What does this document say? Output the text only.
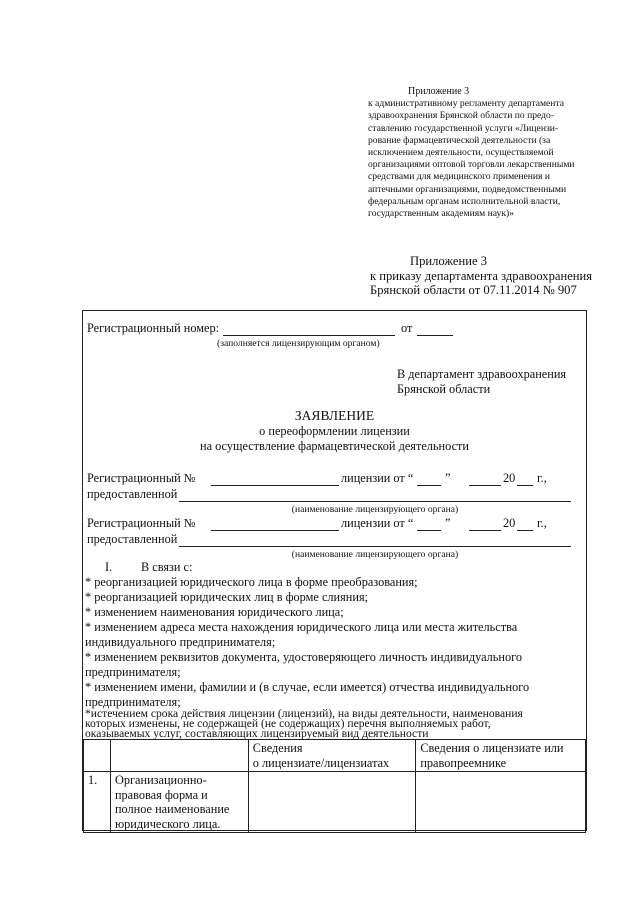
Приложение 3
к административному регламенту департамента
здравоохранения Брянской области по предо-
ставлению государственной услуги «Лицензи-
рование фармацевтической деятельности (за
исключением деятельности, осуществляемой
организациями оптовой торговли лекарственными
средствами для медицинского применения и
аптечными организациями, подведомственными
федеральным органам исполнительной власти,
государственным академиям наук)»
Приложение 3
к приказу департамента здравоохранения
Брянской области от 07.11.2014 № 907
Регистрационный номер:	от
(заполняется лицензирующим органом)
В департамент здравоохранения
Брянской области
ЗАЯВЛЕНИЕ
о переоформлении лицензии
на осуществление фармацевтической деятельности
Регистрационный №	лицензии от “	”	20 г.,
предоставленной
(наименование лицензирующего органа)
Регистрационный №	лицензии от “	”	20 г.,
предоставленной
(наименование лицензирующего органа)
I. В связи с:
* реорганизацией юридического лица в форме преобразования;
* реорганизацией юридических лиц в форме слияния;
* изменением наименования юридического лица;
* изменением адреса места нахождения юридического лица или места жительства
индивидуального предпринимателя;
* изменением реквизитов документа, удостоверяющего личность индивидуального
предпринимателя;
* изменением имени, фамилии и (в случае, если имеется) отчества индивидуального
предпринимателя;
*истечением срока действия лицензии (лицензий), на виды деятельности, наименования
которых изменены, не содержащей (не содержащих) перечня выполняемых работ,
оказываемых услуг, составляющих лицензируемый вид деятельности
		Сведения
о лицензиате/лицензиатах	Сведения о лицензиате или
правопреемнике
1.	Организационно-
правовая форма и
полное наименование
юридического лица.		
